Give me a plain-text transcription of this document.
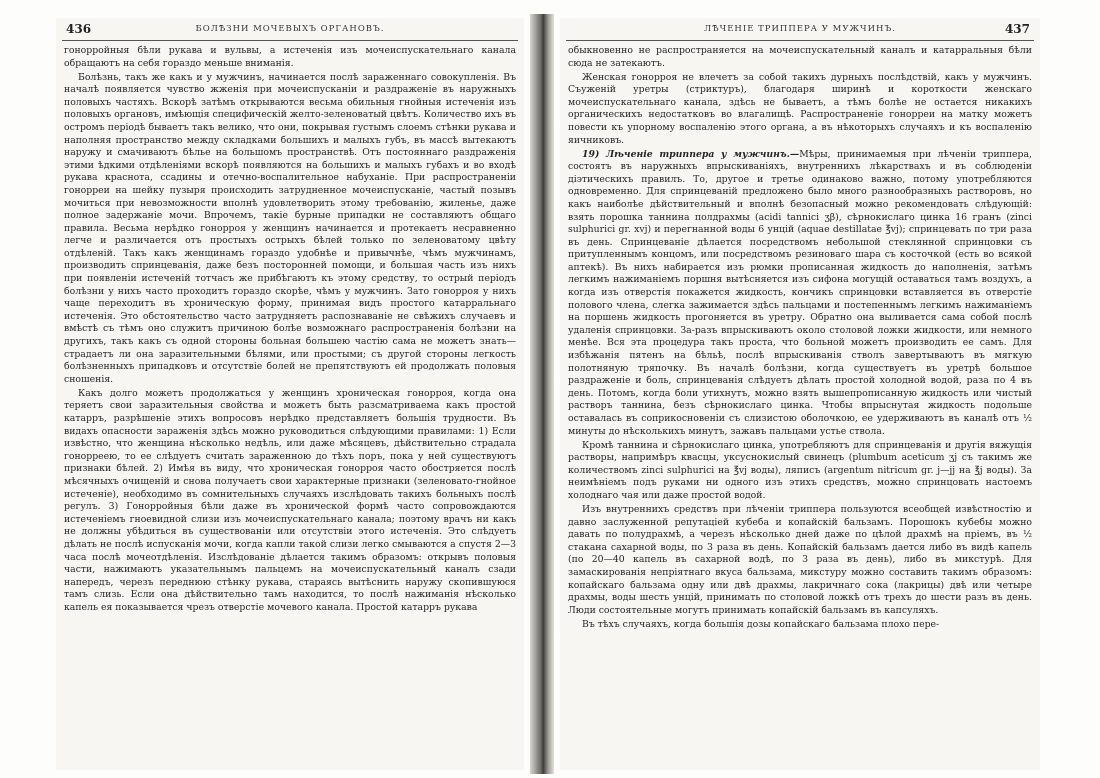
436	БОЛѢЗНИ МОЧЕВЫХЪ ОРГАНОВЪ.

гонорройныя бѣли рукава и вульвы, а истеченія изъ мочеиспускательнаго канала обращаютъ на себя гораздо меньше вниманія.

Болѣзнь, такъ же какъ и у мужчинъ, начинается послѣ зараженнаго совокупленія. Въ началѣ появляется чувство жженія при мочеиспусканіи и раздраженіе въ наружныхъ половыхъ частяхъ. Вскорѣ затѣмъ открываются весьма обильныя гнойныя истеченія изъ половыхъ органовъ, имѣющія специфическій желто-зеленоватый цвѣтъ. Количество ихъ въ остромъ періодѣ бываетъ такъ велико, что они, покрывая густымъ слоемъ стѣнки рукава и наполняя пространство между складками большихъ и малыхъ губъ, въ массѣ вытекаютъ наружу и смачиваютъ бѣлье на большомъ пространствѣ. Отъ постояннаго раздраженія этими ѣдкими отдѣленіями вскорѣ появляются на большихъ и малыхъ губахъ и во входѣ рукава краснота, ссадины и отечно-воспалительное набуханіе. При распространеніи гонорреи на шейку пузыря происходить затрудненное мочеиспусканіе, частый позывъ мочиться при невозможности вполнѣ удовлетворить этому требованію, жиленье, даже полное задержаніе мочи. Впрочемъ, такіе бурные припадки не составляютъ общаго правила. Весьма нерѣдко гонорроя у женщинъ начинается и протекаетъ несравненно легче и различается отъ простыхъ острыхъ бѣлей только по зеленоватому цвѣту отдѣленій. Такъ какъ женщинамъ гораздо удобнѣе и привычнѣе, чѣмъ мужчинамъ, производить спринцеванія, даже безъ посторонней помощи, и большая часть изъ нихъ при появленіи истеченій тотчасъ же прибѣгаютъ къ этому средству, то острый періодъ болѣзни у нихъ часто проходитъ гораздо скорѣе, чѣмъ у мужчинъ. Зато гонорроя у нихъ чаще переходитъ въ хроническую форму, принимая видъ простого катарральнаго истеченія. Это обстоятельство часто затрудняетъ распознаваніе не свѣжихъ случаевъ и вмѣстѣ съ тѣмъ оно служитъ причиною болѣе возможнаго распространенія болѣзни на другихъ, такъ какъ съ одной стороны больная большею частію сама не можетъ знать—страдаетъ ли она заразительными бѣлями, или простыми; съ другой стороны легкость болѣзненныхъ припадковъ и отсутствіе болей не препятствуютъ ей продолжать половыя сношенія.

Какъ долго можетъ продолжаться у женщинъ хроническая гонорроя, когда она теряетъ свои заразительныя свойства и можетъ быть разсматриваема какъ простой катарръ, разрѣшеніе этихъ вопросовъ нерѣдко представляетъ большія трудности. Въ видахъ опасности зараженія здѣсь можно руководиться слѣдующими правилами: 1) Если извѣстно, что женщина нѣсколько недѣль, или даже мѣсяцевъ, дѣйствительно страдала гонорреею, то ее слѣдуетъ считать зараженною до тѣхъ поръ, пока у ней существуютъ признаки бѣлей. 2) Имѣя въ виду, что хроническая гонорроя часто обостряется послѣ мѣсячныхъ очищеній и снова получаетъ свои характерные признаки (зеленовато-гнойное истеченіе), необходимо въ сомнительныхъ случаяхъ изслѣдовать такихъ больныхъ послѣ регулъ. 3) Гонорройныя бѣли даже въ хронической формѣ часто сопровождаются истеченіемъ гноевидной слизи изъ мочеиспускательнаго канала; поэтому врачъ ни какъ не должны убѣдиться въ существованіи или отсутствіи этого истеченія. Это слѣдуетъ дѣлать не послѣ испусканія мочи, когда капли такой слизи легко смываются а спустя 2—3 часа послѣ мочеотдѣленія. Изслѣдованіе дѣлается такимъ образомъ: открывъ половыя части, нажимаютъ указательнымъ пальцемъ на мочеиспускательный каналъ сзади напередъ, черезъ переднюю стѣнку рукава, стараясь вытѣснить наружу скопившуюся тамъ слизь. Если она дѣйствительно тамъ находится, то послѣ нажиманія нѣсколько капель ея показывается чрезъ отверстіе мочевого канала. Простой катарръ рукава

437
ЛѢЧЕНІЕ ТРИППЕРА У МУЖЧИНЪ.

обыкновенно не распространяется на мочеиспускательный каналъ и катарральныя бѣли сюда не затекаютъ.

Женская гонорроя не влечетъ за собой такихъ дурныхъ послѣдствій, какъ у мужчинъ. Съуженій уретры (стриктуръ), благодаря ширинѣ и короткости женскаго мочеиспускательнаго канала, здѣсь не бываетъ, а тѣмъ болѣе не остается никакихъ органическихъ недостатковъ во влагалищѣ. Распространеніе гонорреи на матку можетъ повести къ упорному воспаленію этого органа, а въ нѣкоторыхъ случаяхъ и къ воспаленію яичниковъ.

19) Лѣченіе триппера у мужчинъ.—Мѣры, принимаемыя при лѣченіи триппера, состоятъ въ наружныхъ впрыскиваніяхъ, внутреннихъ лѣкарствахъ и въ соблюденіи діэтическихъ правилъ. То, другое и третье одинаково важно, потому употребляются одновременно. Для спринцеваній предложено было много разнообразныхъ растворовъ, но какъ наиболѣе дѣйствительный и вполнѣ безопасный можно рекомендовать слѣдующій: взять порошка таннина полдрахмы (acidi tannici ʒβ), сѣрнокислаго цинка 16 гранъ (zinci sulphurici gr. xvj) и перегнанной воды 6 унцій (aquae destillatae ℥vj); спринцевать по три раза въ день. Спринцеваніе дѣлается посредствомъ небольшой стеклянной спринцовки съ притупленнымъ концомъ, или посредствомъ резиноваго шара съ косточкой (есть во всякой аптекѣ). Въ нихъ набирается изъ рюмки прописанная жидкость до наполненія, затѣмъ легкимъ нажиманіемъ поршня вытѣсняется изъ сифона могущій оставаться тамъ воздухъ, а когда изъ отверстія покажется жидкость, кончикъ спринцовки вставляется въ отверстіе полового члена, слегка зажимается здѣсь пальцами и постепеннымъ легкимъ нажиманіемъ на поршень жидкость прогоняется въ уретру. Обратно она выливается сама собой послѣ удаленія спринцовки. За-разъ впрыскиваютъ около столовой ложки жидкости, или немного менѣе. Вся эта процедура такъ проста, что больной можетъ производить ее самъ. Для избѣжанія пятенъ на бѣльѣ, послѣ впрыскиванія стволъ завертываютъ въ мягкую полотняную тряпочку. Въ началѣ болѣзни, когда существуетъ въ уретрѣ большое раздраженіе и боль, спринцеванія слѣдуетъ дѣлать простой холодной водой, раза по 4 въ день. Потомъ, когда боли утихнутъ, можно взять вышепрописанную жидкость или чистый растворъ таннина, безъ сѣрнокислаго цинка. Чтобы впрыснутая жидкость подольше оставалась въ соприкосновеніи съ слизистою оболочкою, ее удерживаютъ въ каналѣ отъ ½ минуты до нѣсколькихъ минутъ, зажавъ пальцами устье ствола.

Кромѣ таннина и сѣрнокислаго цинка, употребляютъ для спринцеванія и другія вяжущія растворы, напримѣръ квасцы, уксуснокислый свинецъ (plumbum aceticum ʒj съ такимъ же количествомъ zinci sulphurici на ℥vj воды), ляписъ (argentum nitricum gr. j—jj на ℥j воды). За неимѣніемъ подъ руками ни одного изъ этихъ средствъ, можно спринцовать настоемъ холоднаго чая или даже простой водой.

Изъ внутреннихъ средствъ при лѣченіи триппера пользуются всеобщей извѣстностію и давно заслуженной репутаціей кубеба и копайскій бальзамъ. Порошокъ кубебы можно давать по полудрахмѣ, а черезъ нѣсколько дней даже по цѣлой драхмѣ на пріемъ, въ ½ стакана сахарной воды, по 3 раза въ день. Копайскій бальзамъ дается либо въ видѣ капель (по 20—40 капель въ сахарной водѣ, по 3 раза въ день), либо въ микстурѣ. Для замаскированія непріятнаго вкуса бальзама, микстуру можно составить такимъ образомъ: копайскаго бальзама одну или двѣ драхмы, лакричнаго сока (лакрицы) двѣ или четыре драхмы, воды шесть унцій, принимать по столовой ложкѣ отъ трехъ до шести разъ въ день. Люди состоятельные могутъ принимать копайскій бальзамъ въ капсуляхъ.

Въ тѣхъ случаяхъ, когда большія дозы копайскаго бальзама плохо пере-
